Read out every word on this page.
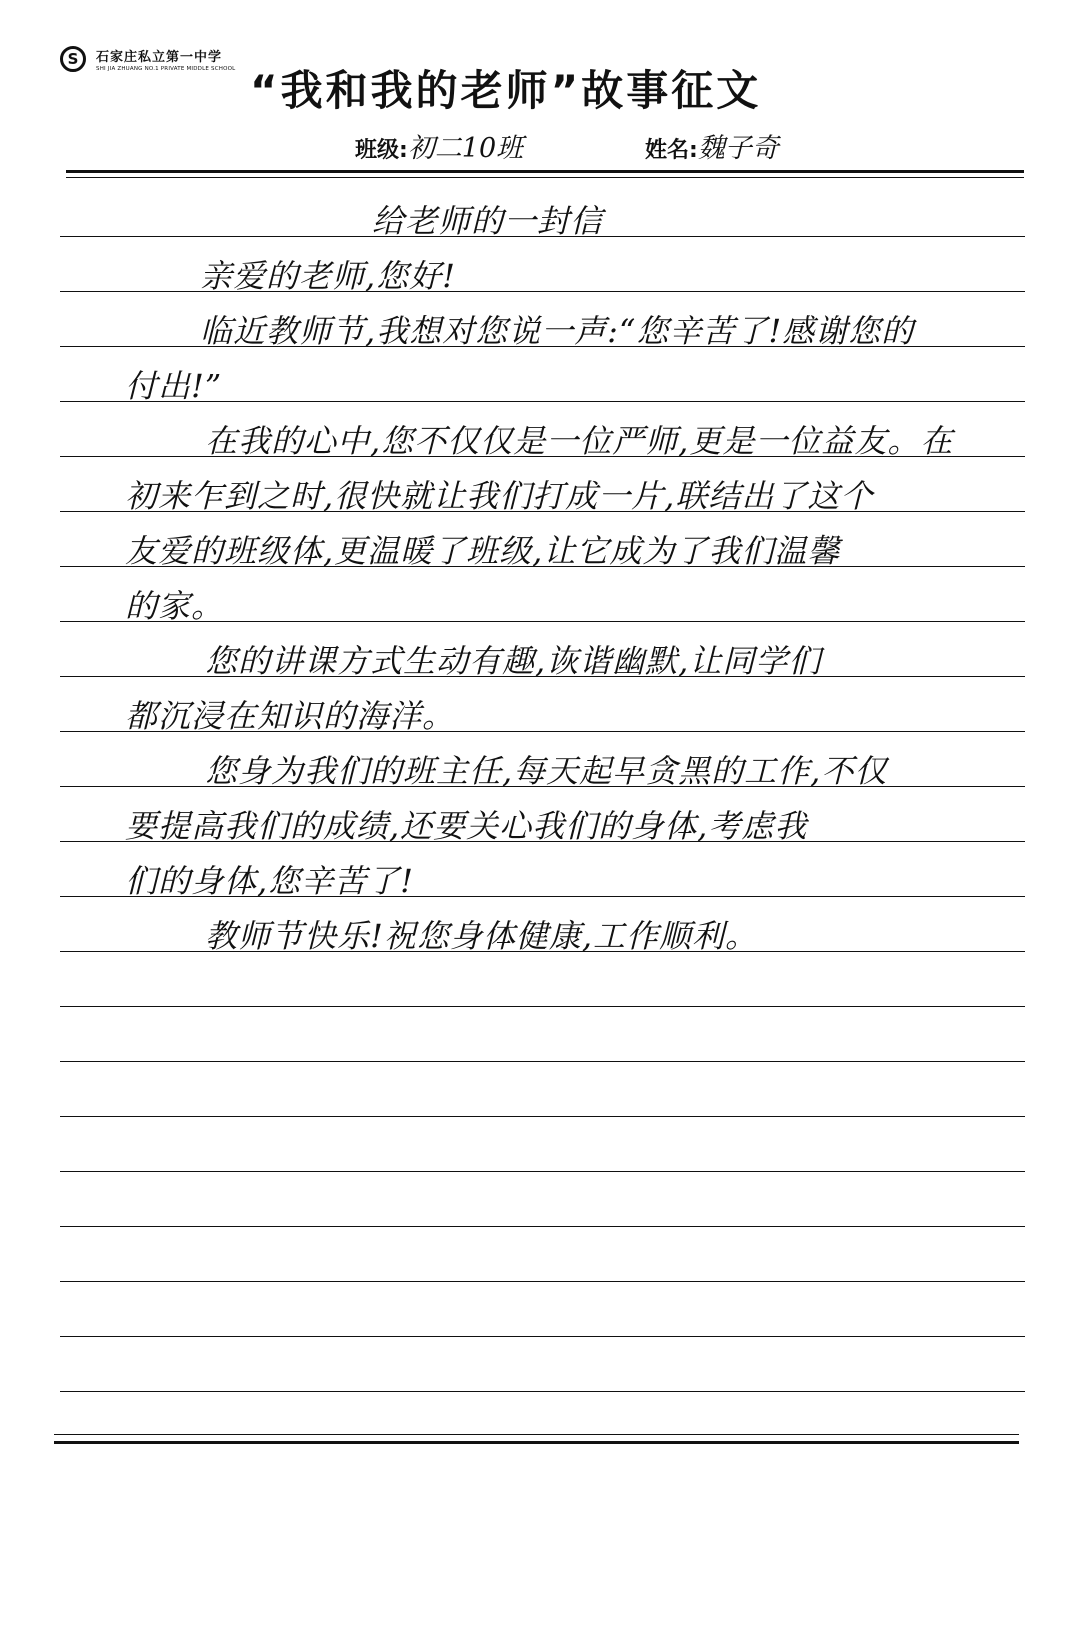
S	石家庄私立第一中学
SHI JIA ZHUANG NO.1 PRIVATE MIDDLE SCHOOL “我和我的老师”故事征文
班级:初二10班	姓名:魏子奇
给老师的一封信
亲爱的老师,您好!
临近教师节,我想对您说一声:“您辛苦了!感谢您的
付出!”
在我的心中,您不仅仅是一位严师,更是一位益友。在
初来乍到之时,很快就让我们打成一片,联结出了这个
友爱的班级体,更温暖了班级,让它成为了我们温馨
的家。
您的讲课方式生动有趣,诙谐幽默,让同学们
都沉浸在知识的海洋。
您身为我们的班主任,每天起早贪黑的工作,不仅
要提高我们的成绩,还要关心我们的身体,考虑我
们的身体,您辛苦了!
教师节快乐!祝您身体健康,工作顺利。
